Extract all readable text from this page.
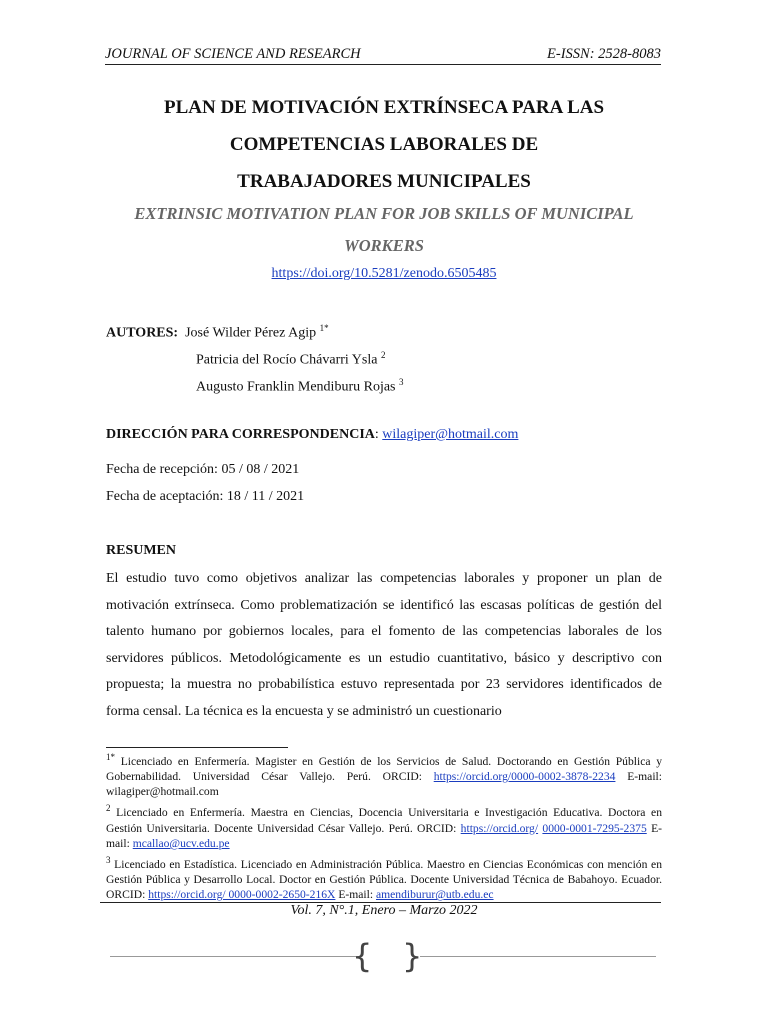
JOURNAL OF SCIENCE AND RESEARCH	E-ISSN: 2528-8083
PLAN DE MOTIVACIÓN EXTRÍNSECA PARA LAS
COMPETENCIAS LABORALES DE
TRABAJADORES MUNICIPALES
EXTRINSIC MOTIVATION PLAN FOR JOB SKILLS OF MUNICIPAL
WORKERS
https://doi.org/10.5281/zenodo.6505485
AUTORES: José Wilder Pérez Agip $^{1*}$
Patricia del Rocío Chávarri Ysla $^2$
Augusto Franklin Mendiburu Rojas $^3$
DIRECCIÓN PARA CORRESPONDENCIA: wilagiper@hotmail.com
Fecha de recepción: 05 / 08 / 2021
Fecha de aceptación: 18 / 11 / 2021
RESUMEN

El estudio tuvo como objetivos analizar las competencias laborales y proponer un plan de motivación extrínseca. Como problematización se identificó las escasas políticas de gestión del talento humano por gobiernos locales, para el fomento de las competencias laborales de los servidores públicos. Metodológicamente es un estudio cuantitativo, básico y descriptivo con propuesta; la muestra no probabilística estuvo representada por 23 servidores identificados de forma censal. La técnica es la encuesta y se administró un cuestionario

$^{1*}$ Licenciado en Enfermería. Magister en Gestión de los Servicios de Salud. Doctorando en Gestión Pública y Gobernabilidad. Universidad César Vallejo. Perú. ORCID: https://orcid.org/0000-0002-3878-2234 E-mail: wilagiper@hotmail.com

$^2$ Licenciado en Enfermería. Maestra en Ciencias, Docencia Universitaria e Investigación Educativa. Doctora en Gestión Universitaria. Docente Universidad César Vallejo. Perú. ORCID: https://orcid.org/ 0000-0001-7295-2375 E-mail: mcallao@ucv.edu.pe

$^3$ Licenciado en Estadística. Licenciado en Administración Pública. Maestro en Ciencias Económicas con mención en Gestión Pública y Desarrollo Local. Doctor en Gestión Pública. Docente Universidad Técnica de Babahoyo. Ecuador. ORCID: https://orcid.org/ 0000-0002-2650-216X E-mail: amendiburur@utb.edu.ec

Vol. 7, N°.1, Enero – Marzo 2022
{ }
